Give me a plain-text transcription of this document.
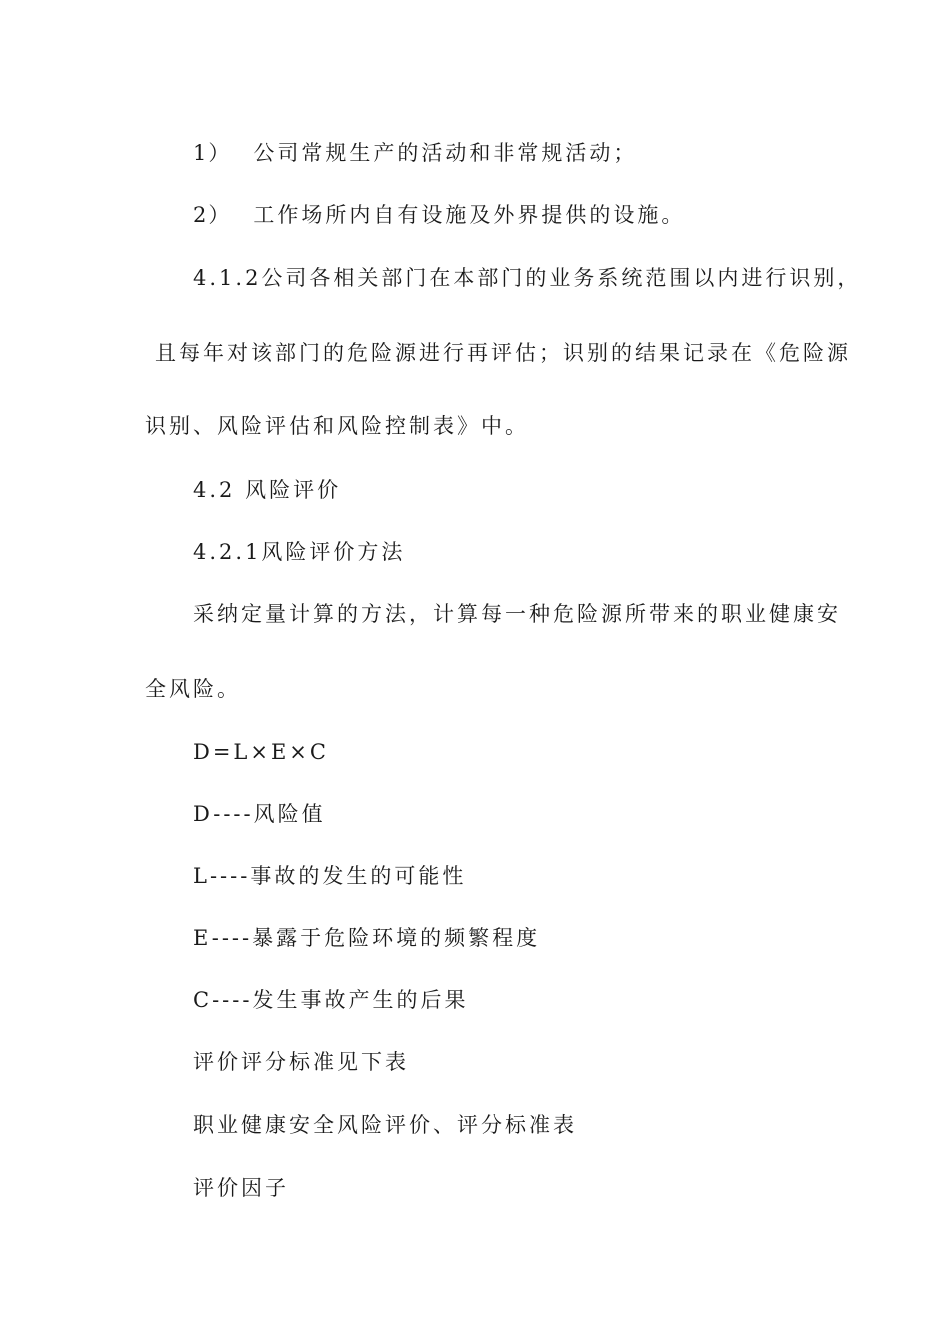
1） 公司常规生产的活动和非常规活动；
2） 工作场所内自有设施及外界提供的设施。
4.1.2公司各相关部门在本部门的业务系统范围以内进行识别，
且每年对该部门的危险源进行再评估；识别的结果记录在《危险源
识别、风险评估和风险控制表》中。
4.2 风险评价
4.2.1风险评价方法
采纳定量计算的方法，计算每一种危险源所带来的职业健康安
全风险。
D=L×E×C
D----风险值
L----事故的发生的可能性
E----暴露于危险环境的频繁程度
C----发生事故产生的后果
评价评分标准见下表
职业健康安全风险评价、评分标准表
评价因子
